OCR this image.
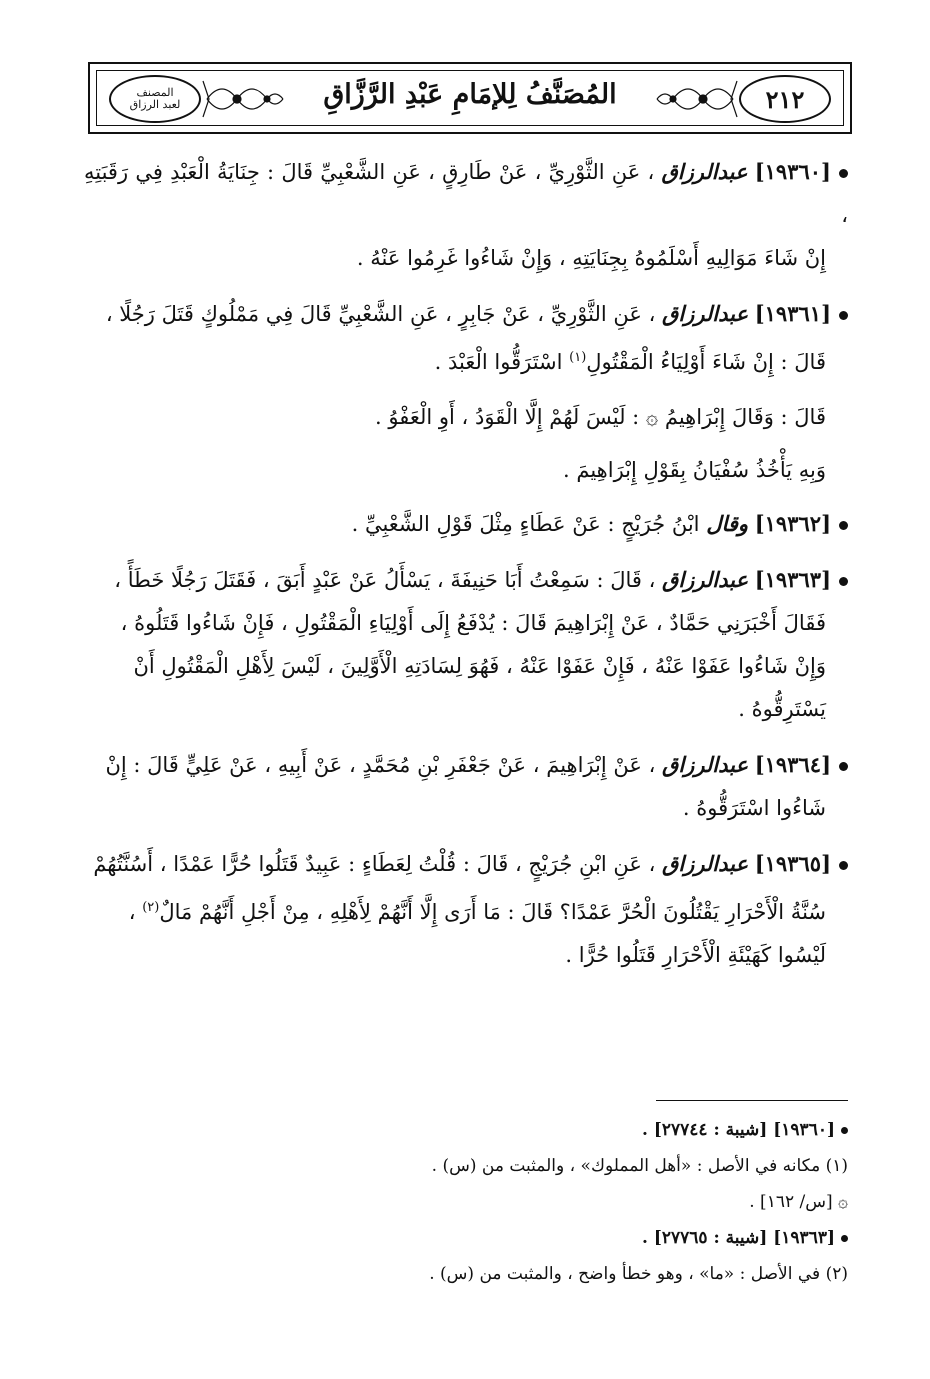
المصنف
لعبد الرزاق	٢١٢
المُصَنَّفُ لِلإمَامِ عَبْدِ الرَّزَّاقِ
[١٩٣٦٠] عبدالرزاق ، عَنِ الثَّوْرِيِّ ، عَنْ طَارِقٍ ، عَنِ الشَّعْبِيِّ قَالَ : جِنَايَةُ الْعَبْدِ فِي رَقَبَتِهِ ،
إِنْ شَاءَ مَوَالِيهِ أَسْلَمُوهُ بِجِنَايَتِهِ ، وَإِنْ شَاءُوا غَرِمُوا عَنْهُ .
[١٩٣٦١] عبدالرزاق ، عَنِ الثَّوْرِيِّ ، عَنْ جَابِرٍ ، عَنِ الشَّعْبِيِّ قَالَ فِي مَمْلُوكٍ قَتَلَ رَجُلًا ،
قَالَ : إِنْ شَاءَ أَوْلِيَاءُ الْمَقْتُولِ$^{(١)}$ اسْتَرَقُّوا الْعَبْدَ .

قَالَ : وَقَالَ إِبْرَاهِيمُ ۞ : لَيْسَ لَهُمْ إِلَّا الْقَوَدُ ، أَوِ الْعَفْوُ .

وَبِهِ يَأْخُذُ سُفْيَانُ بِقَوْلِ إِبْرَاهِيمَ .

[١٩٣٦٢] وقال ابْنُ جُرَيْجٍ : عَنْ عَطَاءٍ مِثْلَ قَوْلِ الشَّعْبِيِّ .
[١٩٣٦٣] عبدالرزاق ، قَالَ : سَمِعْتُ أَبَا حَنِيفَةَ ، يَسْأَلُ عَنْ عَبْدٍ أَبَقَ ، فَقَتَلَ رَجُلًا خَطَأً ،
فَقَالَ أَخْبَرَنِي حَمَّادٌ ، عَنْ إِبْرَاهِيمَ قَالَ : يُدْفَعُ إِلَى أَوْلِيَاءِ الْمَقْتُولِ ، فَإِنْ شَاءُوا قَتَلُوهُ ،
وَإِنْ شَاءُوا عَفَوْا عَنْهُ ، فَإِنْ عَفَوْا عَنْهُ ، فَهُوَ لِسَادَتِهِ الْأَوَّلِينَ ، لَيْسَ لِأَهْلِ الْمَقْتُولِ أَنْ
يَسْتَرِقُّوهُ .
[١٩٣٦٤] عبدالرزاق ، عَنْ إِبْرَاهِيمَ ، عَنْ جَعْفَرِ بْنِ مُحَمَّدٍ ، عَنْ أَبِيهِ ، عَنْ عَلِيٍّ قَالَ : إِنْ
شَاءُوا اسْتَرَقُّوهُ .
[١٩٣٦٥] عبدالرزاق ، عَنِ ابْنِ جُرَيْجٍ ، قَالَ : قُلْتُ لِعَطَاءٍ : عَبِيدٌ قَتَلُوا حُرًّا عَمْدًا ، أَسُنَّتُهُمْ
سُنَّةُ الْأَحْرَارِ يَقْتُلُونَ الْحُرَّ عَمْدًا؟ قَالَ : مَا أَرَى إِلَّا أَنَّهُمْ لِأَهْلِهِ ، مِنْ أَجْلِ أَنَّهُمْ مَالٌ$^{(٢)}$ ،
لَيْسُوا كَهَيْئَةِ الْأَحْرَارِ قَتَلُوا حُرًّا .

[١٩٣٦٠] [شيبة : ٢٧٧٤٤] .

(١) مكانه في الأصل : «أهل المملوك» ، والمثبت من (س) .

۞ [س/ ١٦٢] .

[١٩٣٦٣] [شيبة : ٢٧٧٦٥] .

(٢) في الأصل : «ما» ، وهو خطأ واضح ، والمثبت من (س) .
